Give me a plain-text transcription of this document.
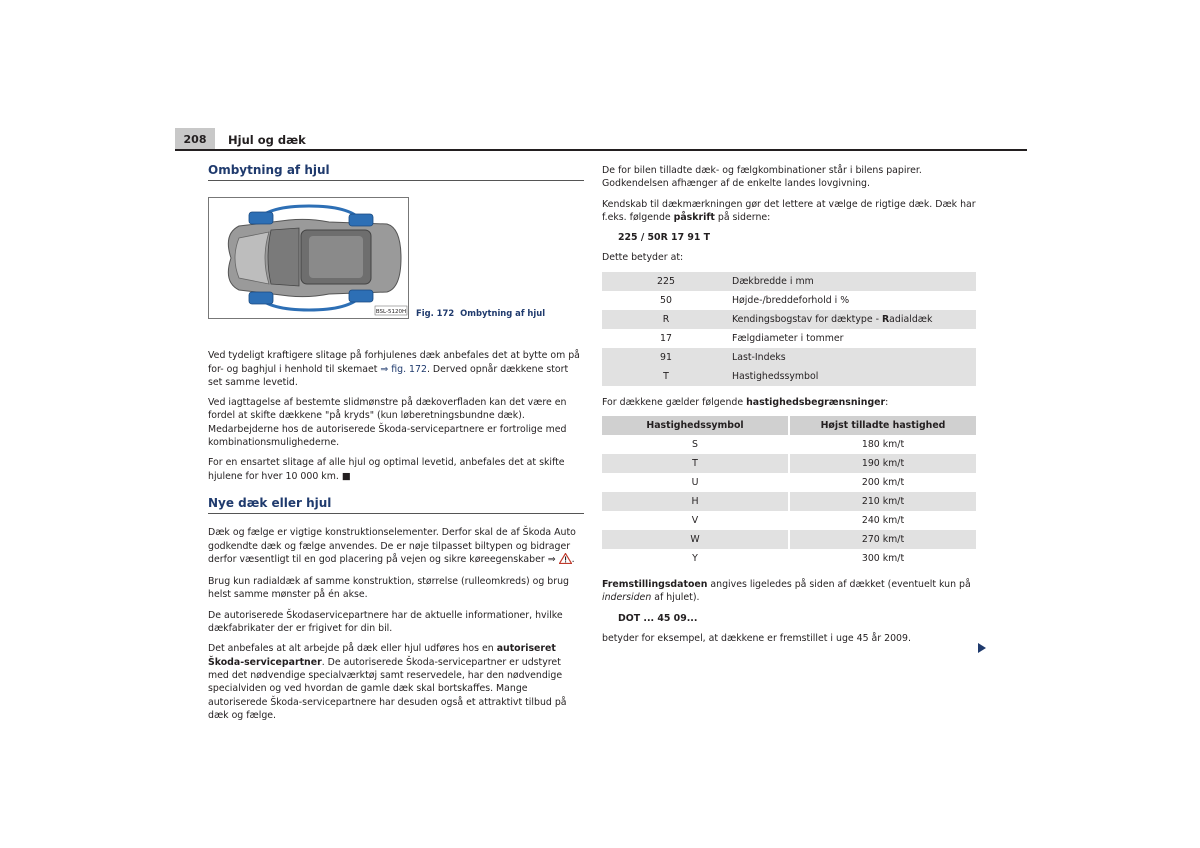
208	Hjul og dæk
Ombytning af hjul
BSL-5120H Fig. 172 Ombytning af hjul

Ved tydeligt kraftigere slitage på forhjulenes dæk anbefales det at bytte om på for- og baghjul i henhold til skemaet ⇒ fig. 172. Derved opnår dækkene stort set samme levetid.

Ved iagttagelse af bestemte slidmønstre på dækoverfladen kan det være en fordel at skifte dækkene "på kryds" (kun løberetningsbundne dæk). Medarbejderne hos de autoriserede Škoda-servicepartnere er fortrolige med kombinationsmulighederne.

For en ensartet slitage af alle hjul og optimal levetid, anbefales det at skifte hjulene for hver 10 000 km. ■

Nye dæk eller hjul

Dæk og fælge er vigtige konstruktionselementer. Derfor skal de af Škoda Auto godkendte dæk og fælge anvendes. De er nøje tilpasset biltypen og bidrager derfor væsentligt til en god placering på vejen og sikre køreegenskaber ⇒ .

Brug kun radialdæk af samme konstruktion, størrelse (rulleomkreds) og brug helst samme mønster på én akse.

De autoriserede Škodaservicepartnere har de aktuelle informationer, hvilke dækfabrikater der er frigivet for din bil.

Det anbefales at alt arbejde på dæk eller hjul udføres hos en autoriseret Škoda-servicepartner. De autoriserede Škoda-servicepartner er udstyret med det nødvendige specialværktøj samt reservedele, har den nødvendige specialviden og ved hvordan de gamle dæk skal bortskaffes. Mange autoriserede Škoda-servicepartnere har desuden også et attraktivt tilbud på dæk og fælge.

De for bilen tilladte dæk- og fælgkombinationer står i bilens papirer. Godkendelsen afhænger af de enkelte landes lovgivning.

Kendskab til dækmærkningen gør det lettere at vælge de rigtige dæk. Dæk har f.eks. følgende påskrift på siderne:

225 / 50R 17 91 T

Dette betyder at:

225	Dækbredde i mm
50	Højde-/breddeforhold i %
R	Kendingsbogstav for dæktype - Radialdæk
17	Fælgdiameter i tommer
91	Last-Indeks
T	Hastighedssymbol

For dækkene gælder følgende hastighedsbegrænsninger:

Hastighedssymbol	Højst tilladte hastighed
S	180 km/t
T	190 km/t
U	200 km/t
H	210 km/t
V	240 km/t
W	270 km/t
Y	300 km/t

Fremstillingsdatoen angives ligeledes på siden af dækket (eventuelt kun på indersiden af hjulet).

DOT ... 45 09...

betyder for eksempel, at dækkene er fremstillet i uge 45 år 2009.
